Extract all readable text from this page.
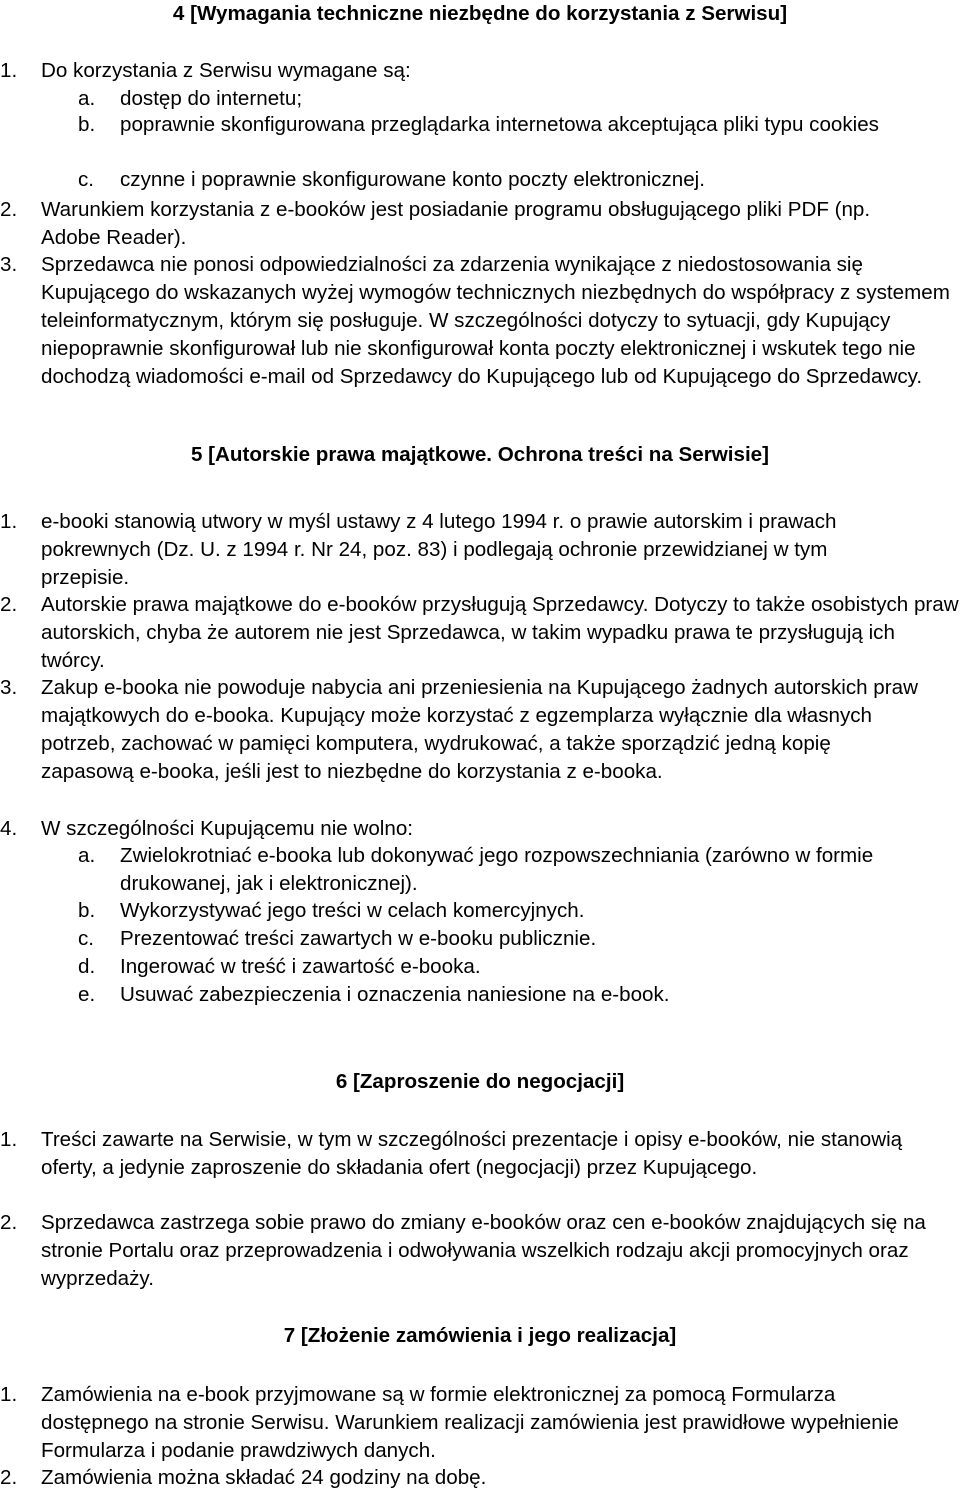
4 [Wymagania techniczne niezbędne do korzystania z Serwisu]
1. Do korzystania z Serwisu wymagane są:
a. dostęp do internetu;
b. poprawnie skonfigurowana przeglądarka internetowa akceptująca pliki typu cookies
c. czynne i poprawnie skonfigurowane konto poczty elektronicznej.
2. Warunkiem korzystania z e-booków jest posiadanie programu obsługującego pliki PDF (np. Adobe Reader).
3. Sprzedawca nie ponosi odpowiedzialności za zdarzenia wynikające z niedostosowania się Kupującego do wskazanych wyżej wymogów technicznych niezbędnych do współpracy z systemem teleinformatycznym, którym się posługuje. W szczególności dotyczy to sytuacji, gdy Kupujący niepoprawnie skonfigurował lub nie skonfigurował konta poczty elektronicznej i wskutek tego nie dochodzą wiadomości e-mail od Sprzedawcy do Kupującego lub od Kupującego do Sprzedawcy.
5 [Autorskie prawa majątkowe. Ochrona treści na Serwisie]
1. e-booki stanowią utwory w myśl ustawy z 4 lutego 1994 r. o prawie autorskim i prawach pokrewnych (Dz. U. z 1994 r. Nr 24, poz. 83) i podlegają ochronie przewidzianej w tym przepisie.
2. Autorskie prawa majątkowe do e-booków przysługują Sprzedawcy. Dotyczy to także osobistych praw autorskich, chyba że autorem nie jest Sprzedawca, w takim wypadku prawa te przysługują ich twórcy.
3. Zakup e-booka nie powoduje nabycia ani przeniesienia na Kupującego żadnych autorskich praw majątkowych do e-booka. Kupujący może korzystać z egzemplarza wyłącznie dla własnych potrzeb, zachować w pamięci komputera, wydrukować, a także sporządzić jedną kopię zapasową e-booka, jeśli jest to niezbędne do korzystania z e-booka.
4. W szczególności Kupującemu nie wolno:
a. Zwielokrotniać e-booka lub dokonywać jego rozpowszechniania (zarówno w formie drukowanej, jak i elektronicznej).
b. Wykorzystywać jego treści w celach komercyjnych.
c. Prezentować treści zawartych w e-booku publicznie.
d. Ingerować w treść i zawartość e-booka.
e. Usuwać zabezpieczenia i oznaczenia naniesione na e-book.
6 [Zaproszenie do negocjacji]
1. Treści zawarte na Serwisie, w tym w szczególności prezentacje i opisy e-booków, nie stanowią oferty, a jedynie zaproszenie do składania ofert (negocjacji) przez Kupującego.
2. Sprzedawca zastrzega sobie prawo do zmiany e-booków oraz cen e-booków znajdujących się na stronie Portalu oraz przeprowadzenia i odwoływania wszelkich rodzaju akcji promocyjnych oraz wyprzedaży.
7 [Złożenie zamówienia i jego realizacja]
1. Zamówienia na e-book przyjmowane są w formie elektronicznej za pomocą Formularza dostępnego na stronie Serwisu. Warunkiem realizacji zamówienia jest prawidłowe wypełnienie Formularza i podanie prawdziwych danych.
2. Zamówienia można składać 24 godziny na dobę.
